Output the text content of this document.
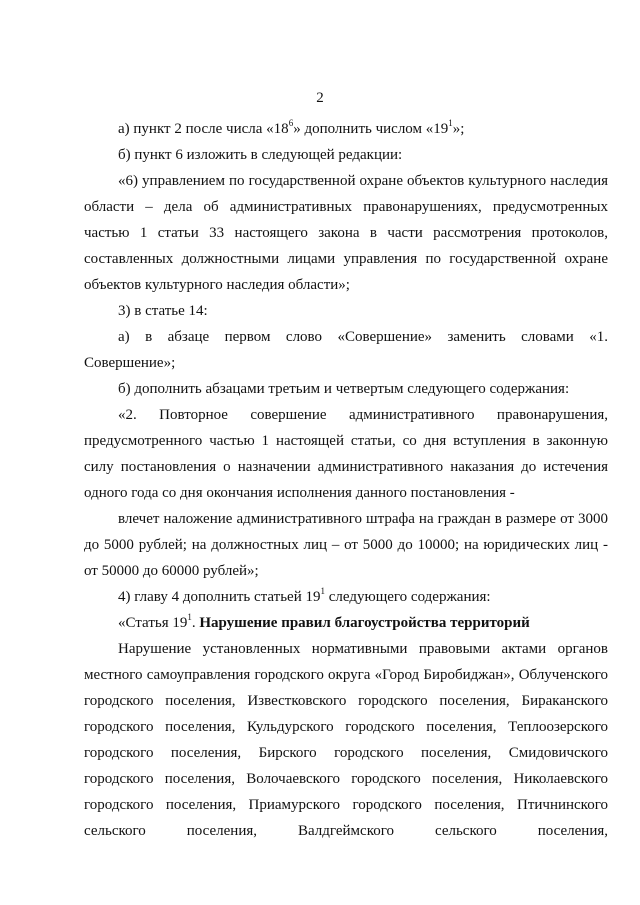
2

а) пункт 2 после числа «$18^6$» дополнить числом «$19^1$»;

б) пункт 6 изложить в следующей редакции:

«6) управлением по государственной охране объектов культурного наследия области – дела об административных правонарушениях, предусмотренных частью 1 статьи 33 настоящего закона в части рассмотрения протоколов, составленных должностными лицами управления по государственной охране объектов культурного наследия области»;

3) в статье 14:

а) в абзаце первом слово «Совершение» заменить словами «1. Совершение»;

б) дополнить абзацами третьим и четвертым следующего содержания:

«2. Повторное совершение административного правонарушения, предусмотренного частью 1 настоящей статьи, со дня вступления в законную силу постановления о назначении административного наказания до истечения одного года со дня окончания исполнения данного постановления -

влечет наложение административного штрафа на граждан в размере от 3000 до 5000 рублей; на должностных лиц – от 5000 до 10000; на юридических лиц - от 50000 до 60000 рублей»;

4) главу 4 дополнить статьей $19^1$ следующего содержания:

«Статья $19^1$. Нарушение правил благоустройства территорий

Нарушение установленных нормативными правовыми актами органов местного самоуправления городского округа «Город Биробиджан», Облученского городского поселения, Известковского городского поселения, Бираканского городского поселения, Кульдурского городского поселения, Теплоозерского городского поселения, Бирского городского поселения, Смидовичского городского поселения, Волочаевского городского поселения, Николаевского городского поселения, Приамурского городского поселения, Птичнинского сельского поселения, Валдгеймского сельского поселения,
